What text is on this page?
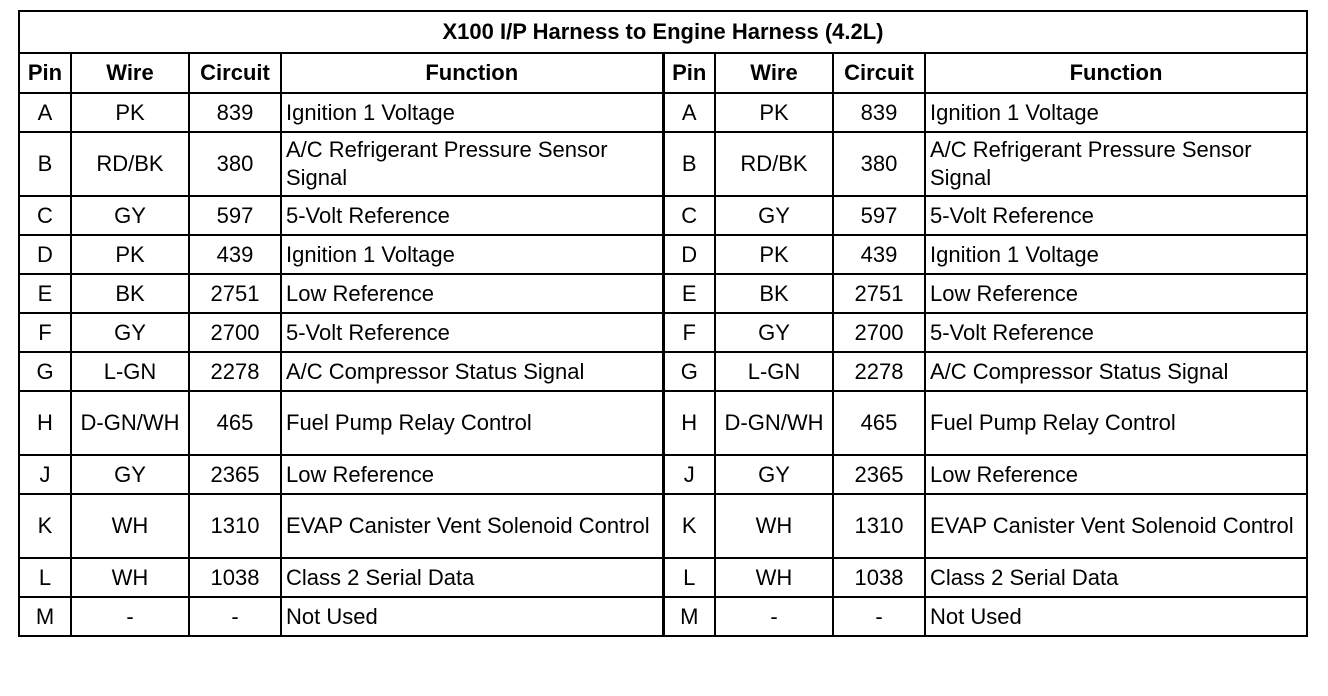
X100 I/P Harness to Engine Harness (4.2L)							
Pin	Wire	Circuit	Function	Pin	Wire	Circuit	Function
A	PK	839	Ignition 1 Voltage	A	PK	839	Ignition 1 Voltage
B	RD/BK	380	A/C Refrigerant Pressure Sensor Signal	B	RD/BK	380	A/C Refrigerant Pressure Sensor Signal
C	GY	597	5-Volt Reference	C	GY	597	5-Volt Reference
D	PK	439	Ignition 1 Voltage	D	PK	439	Ignition 1 Voltage
E	BK	2751	Low Reference	E	BK	2751	Low Reference
F	GY	2700	5-Volt Reference	F	GY	2700	5-Volt Reference
G	L-GN	2278	A/C Compressor Status Signal	G	L-GN	2278	A/C Compressor Status Signal
H	D-GN/WH	465	Fuel Pump Relay Control	H	D-GN/WH	465	Fuel Pump Relay Control
J	GY	2365	Low Reference	J	GY	2365	Low Reference
K	WH	1310	EVAP Canister Vent Solenoid Control	K	WH	1310	EVAP Canister Vent Solenoid Control
L	WH	1038	Class 2 Serial Data	L	WH	1038	Class 2 Serial Data
M	-	-	Not Used	M	-	-	Not Used
